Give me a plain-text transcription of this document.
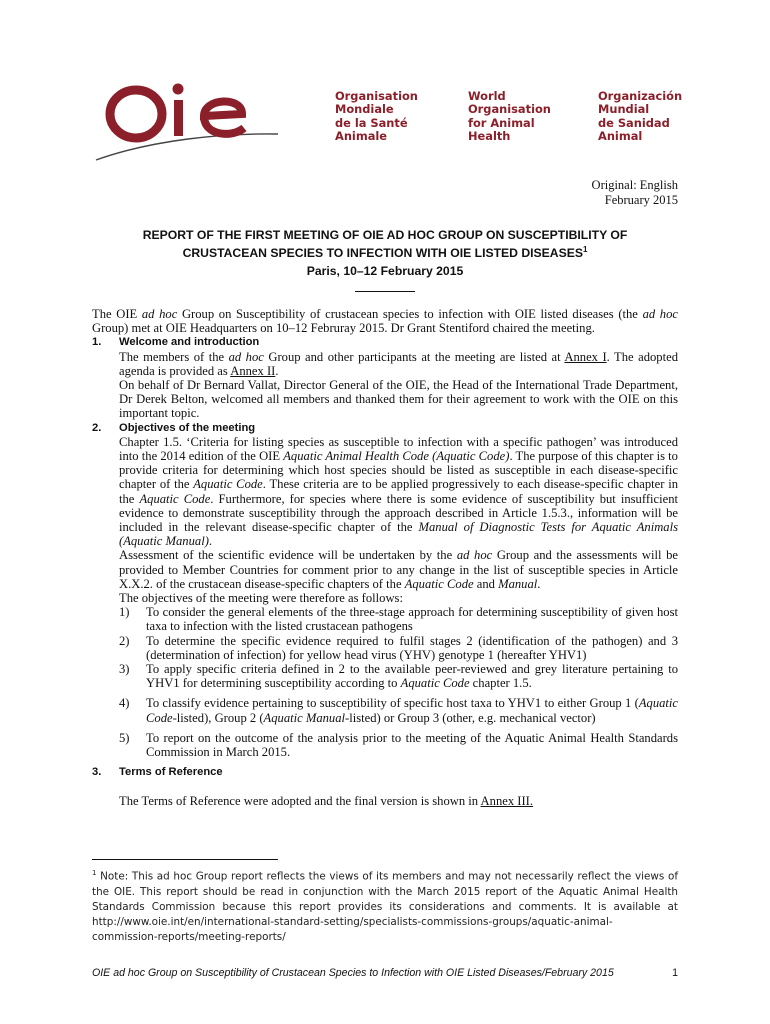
OiE
Organisation
Mondiale
de la Santé
Animale
World
Organisation
for Animal
Health
Organización
Mundial
de Sanidad
Animal
Original: English
February 2015
REPORT OF THE FIRST MEETING OF OIE AD HOC GROUP ON SUSCEPTIBILITY OF
CRUSTACEAN SPECIES TO INFECTION WITH OIE LISTED DISEASES$^1$
Paris, 10–12 February 2015

The OIE ad hoc Group on Susceptibility of crustacean species to infection with OIE listed diseases (the ad hoc Group) met at OIE Headquarters on 10–12 Februray 2015. Dr Grant Stentiford chaired the meeting.

1.	Welcome and introduction

The members of the ad hoc Group and other participants at the meeting are listed at Annex I. The adopted agenda is provided as Annex II.

On behalf of Dr Bernard Vallat, Director General of the OIE, the Head of the International Trade Department, Dr Derek Belton, welcomed all members and thanked them for their agreement to work with the OIE on this important topic.

2.	Objectives of the meeting

Chapter 1.5. ‘Criteria for listing species as susceptible to infection with a specific pathogen’ was introduced into the 2014 edition of the OIE Aquatic Animal Health Code (Aquatic Code). The purpose of this chapter is to provide criteria for determining which host species should be listed as susceptible in each disease-specific chapter of the Aquatic Code. These criteria are to be applied progressively to each disease-specific chapter in the Aquatic Code. Furthermore, for species where there is some evidence of susceptibility but insufficient evidence to demonstrate susceptibility through the approach described in Article 1.5.3., information will be included in the relevant disease-specific chapter of the Manual of Diagnostic Tests for Aquatic Animals (Aquatic Manual).

Assessment of the scientific evidence will be undertaken by the ad hoc Group and the assessments will be provided to Member Countries for comment prior to any change in the list of susceptible species in Article X.X.2. of the crustacean disease-specific chapters of the Aquatic Code and Manual.

The objectives of the meeting were therefore as follows:

1)	To consider the general elements of the three-stage approach for determining susceptibility of given host taxa to infection with the listed crustacean pathogens
2)	To determine the specific evidence required to fulfil stages 2 (identification of the pathogen) and 3 (determination of infection) for yellow head virus (YHV) genotype 1 (hereafter YHV1)
3)	To apply specific criteria defined in 2 to the available peer-reviewed and grey literature pertaining to YHV1 for determining susceptibility according to Aquatic Code chapter 1.5.
4)	To classify evidence pertaining to susceptibility of specific host taxa to YHV1 to either Group 1 (Aquatic Code-listed), Group 2 (Aquatic Manual-listed) or Group 3 (other, e.g. mechanical vector)
5)	To report on the outcome of the analysis prior to the meeting of the Aquatic Animal Health Standards Commission in March 2015.
3.	Terms of Reference

The Terms of Reference were adopted and the final version is shown in Annex III.

$^1$ Note: This ad hoc Group report reflects the views of its members and may not necessarily reflect the views of the OIE. This report should be read in conjunction with the March 2015 report of the Aquatic Animal Health Standards Commission because this report provides its considerations and comments. It is available at http://www.oie.int/en/international-standard-setting/specialists-commissions-groups/aquatic-animal-commission-reports/meeting-reports/
OIE ad hoc Group on Susceptibility of Crustacean Species to Infection with OIE Listed Diseases/February 2015	1
